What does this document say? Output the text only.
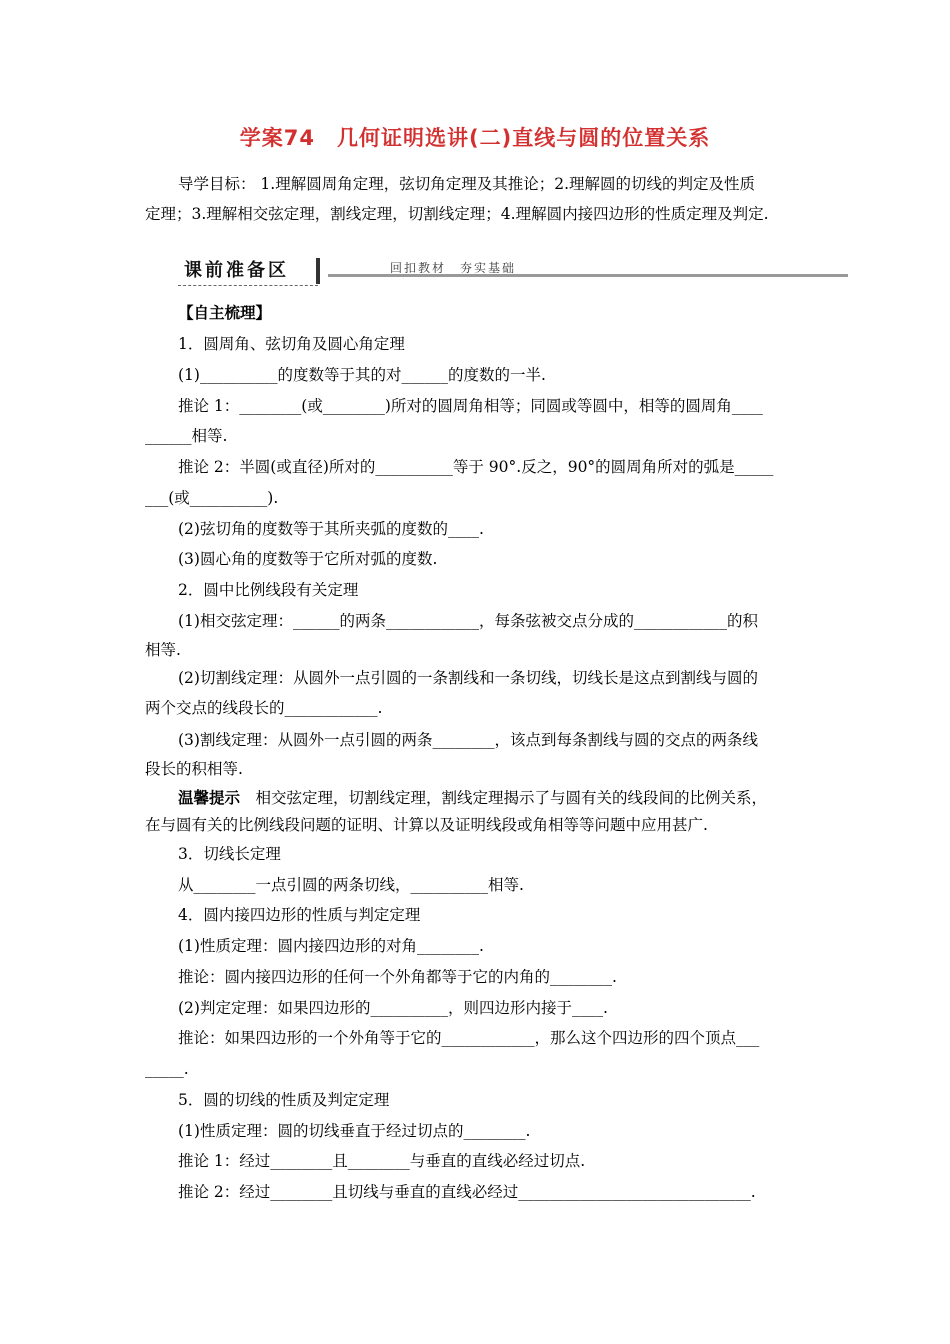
学案74　几何证明选讲(二)直线与圆的位置关系
导学目标： 1.理解圆周角定理，弦切角定理及其推论；2.理解圆的切线的判定及性质
定理；3.理解相交弦定理，割线定理，切割线定理；4.理解圆内接四边形的性质定理及判定.
课前准备区	回扣教材　夯实基础
【自主梳理】
1．圆周角、弦切角及圆心角定理
(1)__________的度数等于其的对______的度数的一半.
推论 1：________(或________)所对的圆周角相等；同圆或等圆中，相等的圆周角____
______相等.
推论 2：半圆(或直径)所对的__________等于 90°.反之，90°的圆周角所对的弧是_____
___(或__________).
(2)弦切角的度数等于其所夹弧的度数的____.
(3)圆心角的度数等于它所对弧的度数.
2．圆中比例线段有关定理
(1)相交弦定理：______的两条____________，每条弦被交点分成的____________的积
相等.
(2)切割线定理：从圆外一点引圆的一条割线和一条切线，切线长是这点到割线与圆的
两个交点的线段长的____________.
(3)割线定理：从圆外一点引圆的两条________，该点到每条割线与圆的交点的两条线
段长的积相等.
温馨提示　相交弦定理，切割线定理，割线定理揭示了与圆有关的线段间的比例关系，
在与圆有关的比例线段问题的证明、计算以及证明线段或角相等等问题中应用甚广.
3．切线长定理
从________一点引圆的两条切线，__________相等.
4．圆内接四边形的性质与判定定理
(1)性质定理：圆内接四边形的对角________.
推论：圆内接四边形的任何一个外角都等于它的内角的________.
(2)判定定理：如果四边形的__________，则四边形内接于____.
推论：如果四边形的一个外角等于它的____________，那么这个四边形的四个顶点___
_____.
5．圆的切线的性质及判定定理
(1)性质定理：圆的切线垂直于经过切点的________.
推论 1：经过________且________与垂直的直线必经过切点.
推论 2：经过________且切线与垂直的直线必经过______________________________.
